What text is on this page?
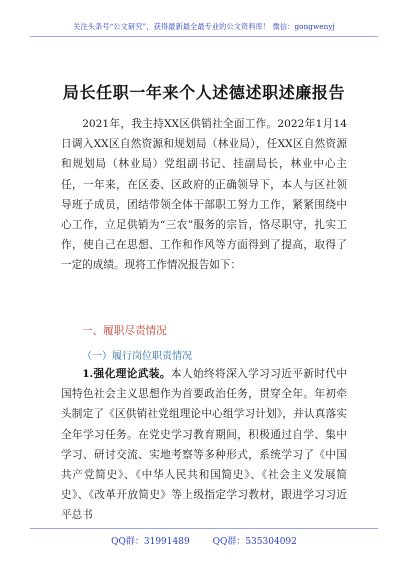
关注头条号“公文研究”，获得最新最全最专业的公文资料库！ 微信：gongwenyj
局长任职一年来个人述德述职述廉报告

2021年，我主持XX区供销社全面工作。2022年1月14日调入XX区自然资源和规划局（林业局），任XX区自然资源和规划局（林业局）党组副书记、挂副局长，林业中心主任，一年来，在区委、区政府的正确领导下，本人与区社领导班子成员，团结带领全体干部职工努力工作，紧紧围绕中心工作，立足供销为“三农”服务的宗旨，恪尽职守，扎实工作，使自己在思想、工作和作风等方面得到了提高，取得了一定的成绩。现将工作情况报告如下：

一、履职尽责情况
（一）履行岗位职责情况

1.强化理论武装。本人始终将深入学习习近平新时代中国特色社会主义思想作为首要政治任务，贯穿全年。年初牵头制定了《区供销社党组理论中心组学习计划》，并认真落实全年学习任务。在党史学习教育期间，积极通过自学、集中学习、研讨交流、实地考察等多种形式，系统学习了《中国共产党简史》、《中华人民共和国简史》、《社会主义发展简史》、《改革开放简史》等上级指定学习教材，跟进学习习近平总书

QQ群：31991489	QQ群：535304092
